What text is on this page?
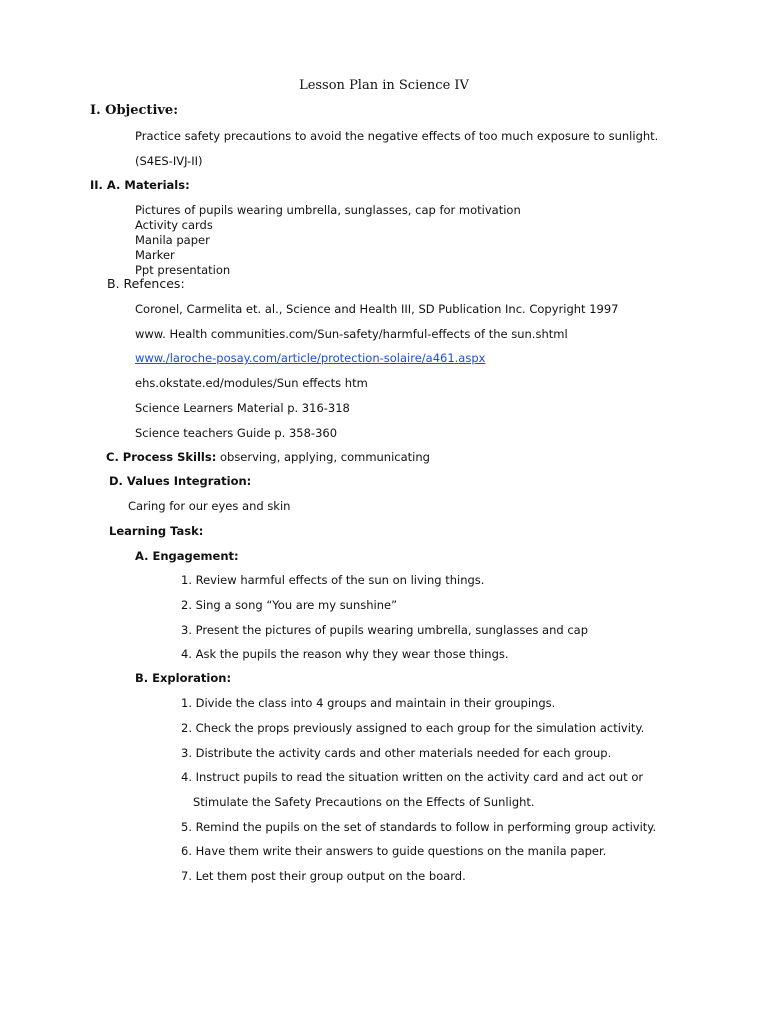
Lesson Plan in Science IV
I. Objective:
Practice safety precautions to avoid the negative effects of too much exposure to sunlight.
(S4ES-IVJ-II)
II. A. Materials:
Pictures of pupils wearing umbrella, sunglasses, cap for motivation
Activity cards
Manila paper
Marker
Ppt presentation
B. Refences:
Coronel, Carmelita et. al., Science and Health III, SD Publication Inc. Copyright 1997
www. Health communities.com/Sun-safety/harmful-effects of the sun.shtml
www./laroche-posay.com/article/protection-solaire/a461.aspx
ehs.okstate.ed/modules/Sun effects htm
Science Learners Material p. 316-318
Science teachers Guide p. 358-360
C. Process Skills: observing, applying, communicating
D. Values Integration:
Caring for our eyes and skin
Learning Task:
A. Engagement:
1. Review harmful effects of the sun on living things.
2. Sing a song “You are my sunshine”
3. Present the pictures of pupils wearing umbrella, sunglasses and cap
4. Ask the pupils the reason why they wear those things.
B. Exploration:
1. Divide the class into 4 groups and maintain in their groupings.
2. Check the props previously assigned to each group for the simulation activity.
3. Distribute the activity cards and other materials needed for each group.
4. Instruct pupils to read the situation written on the activity card and act out or
Stimulate the Safety Precautions on the Effects of Sunlight.
5. Remind the pupils on the set of standards to follow in performing group activity.
6. Have them write their answers to guide questions on the manila paper.
7. Let them post their group output on the board.
